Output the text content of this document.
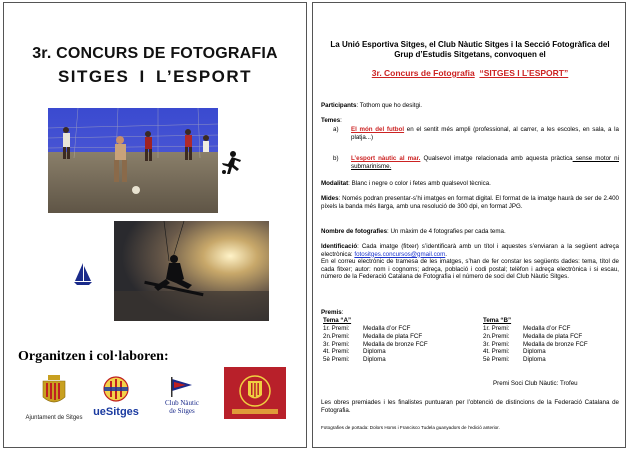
3r. CONCURS DE FOTOGRAFIA
SITGES I L’ESPORT
Organitzen i col·laboren:
Ajuntament de Sitges ueSitges
Club Nàutic
de Sitges
La Unió Esportiva Sitges, el Club Nàutic Sitges i la Secció Fotogràfica del Grup d’Estudis Sitgetans, convoquen el
3r. Concurs de Fotografia “SITGES I L’ESPORT”
Participants: Tothom que ho desitgi.
Temes:
a) El món del futbol en el sentit més ampli (professional, al carrer, a les escoles, en sala, a la platja...)
b) L’esport nàutic al mar. Qualsevol imatge relacionada amb aquesta pràctica sense motor ni submarinisme.
Modalitat: Blanc i negre o color i fetes amb qualsevol tècnica.
Mides: Només podran presentar-s’hi imatges en format digital. El format de la imatge haurà de ser de 2.400 píxels la banda més llarga, amb una resolució de 300 dpi, en format JPG.
Nombre de fotografies: Un màxim de 4 fotografies per cada tema.
Identificació: Cada imatge (fitxer) s’identificarà amb un títol i aquestes s’enviaran a la següent adreça electrònica: fotositges.concursos@gmail.com.
En el correu electrònic de tramesa de les imatges, s’han de fer constar les següents dades: tema, títol de cada fitxer; autor: nom i cognoms; adreça, població i codi postal; telèfon i adreça electrònica i si escau, número de la Federació Catalana de Fotografia i el número de soci del Club Nàutic Sitges.
Premis:
Tema “A”
1r. Premi: Medalla d’or FCF
2n.Premi: Medalla de plata FCF
3r. Premi: Medalla de bronze FCF
4t. Premi: Diploma
5è Premi: Diploma
Tema “B”
1r. Premi: Medalla d’or FCF
2n.Premi: Medalla de plata FCF
3r. Premi: Medalla de bronze FCF
4t. Premi: Diploma
5è Premi: Diploma
Premi Soci Club Nàutic: Trofeu
Les obres premiades i les finalistes puntuaran per l’obtenció de distincions de la Federació Catalana de Fotografia.
Fotografies de portada: Dolors Homs i Francisco Tudela guanyadors de l’edició anterior.
